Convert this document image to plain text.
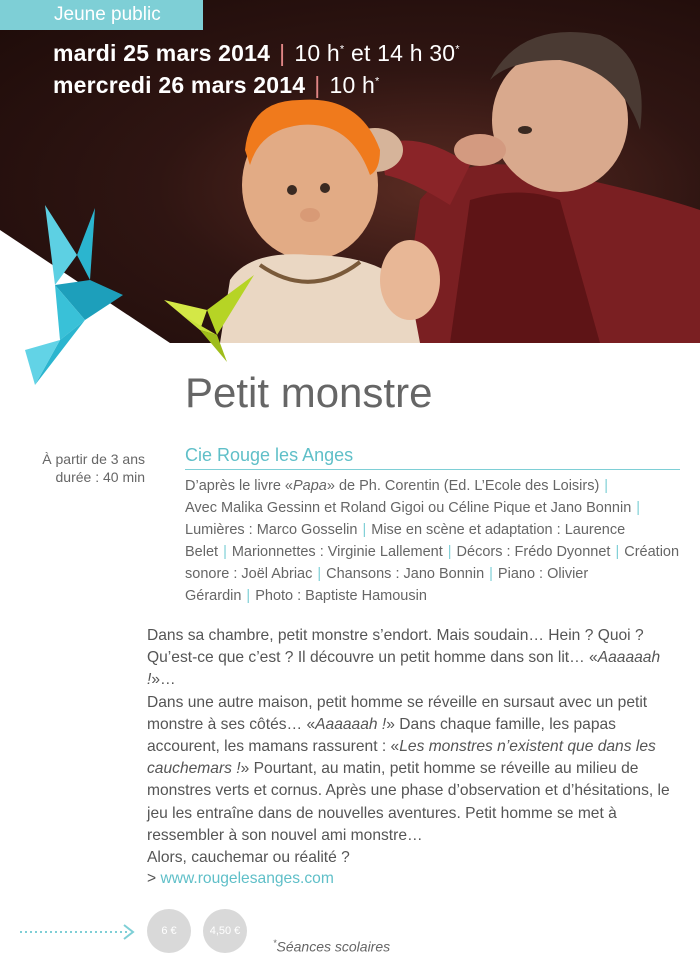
Jeune public
mardi 25 mars 2014 | 10 h* et 14 h 30*
mercredi 26 mars 2014 | 10 h*
Petit monstre
À partir de 3 ans
durée : 40 min
Cie Rouge les Anges
D’après le livre «Papa» de Ph. Corentin (Ed. L’Ecole des Loisirs) |
Avec Malika Gessinn et Roland Gigoi ou Céline Pique et Jano Bonnin |
Lumières : Marco Gosselin | Mise en scène et adaptation : Laurence Belet | Marionnettes : Virginie Lallement | Décors : Frédo Dyonnet | Création sonore : Joël Abriac | Chansons : Jano Bonnin | Piano : Olivier Gérardin | Photo : Baptiste Hamousin
Dans sa chambre, petit monstre s’endort. Mais soudain… Hein ? Quoi ? Qu’est-ce que c’est ? Il découvre un petit homme dans son lit… «Aaaaaah !»…
Dans une autre maison, petit homme se réveille en sursaut avec un petit monstre à ses côtés… «Aaaaaah !» Dans chaque famille, les papas accourent, les mamans rassurent : «Les monstres n’existent que dans les cauchemars !» Pourtant, au matin, petit homme se réveille au milieu de monstres verts et cornus. Après une phase d’observation et d’hésitations, le jeu les entraîne dans de nouvelles aventures. Petit homme se met à ressembler à son nouvel ami monstre…
Alors, cauchemar ou réalité ?
> www.rougelesanges.com
6 €	4,50 €
*Séances scolaires
